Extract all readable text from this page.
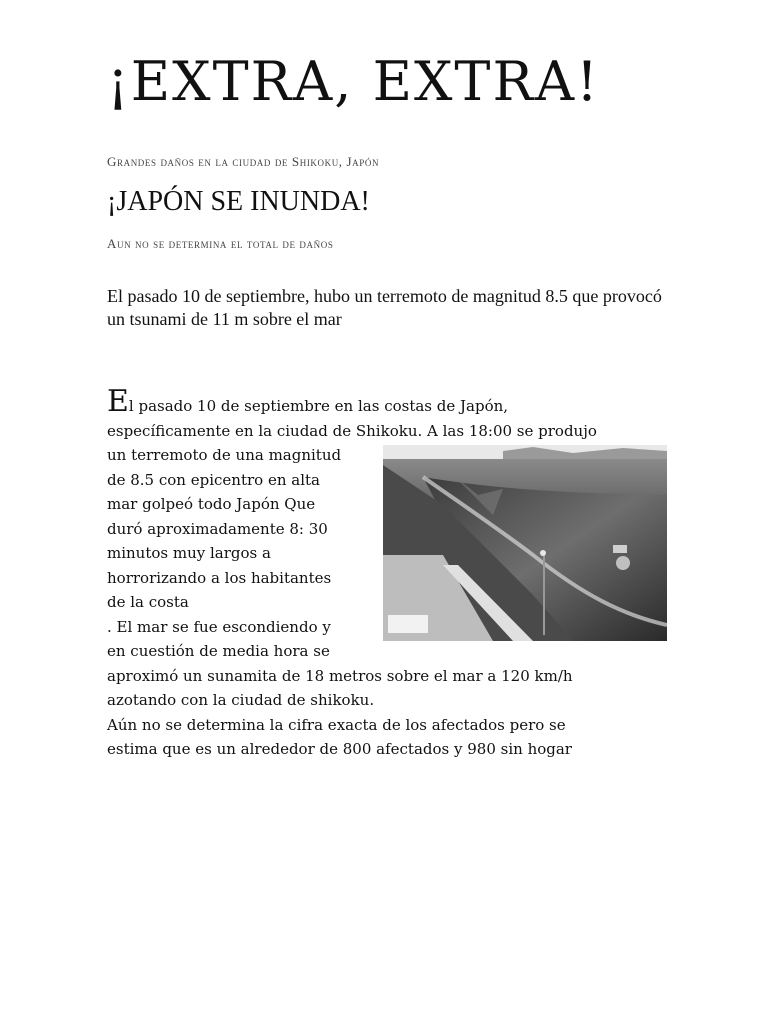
¡EXTRA, EXTRA!

Grandes daños en la ciudad de Shikoku, Japón

¡JAPÓN SE INUNDA!

Aun no se determina el total de daños

El pasado 10 de septiembre, hubo un terremoto de magnitud 8.5 que provocó un tsunami de 11 m sobre el mar

El pasado 10 de septiembre en las costas de Japón,

específicamente en la ciudad de Shikoku. A las 18:00 se produjo

un terremoto de una magnitud

de 8.5 con epicentro en alta

mar golpeó todo Japón Que

duró aproximadamente 8: 30

minutos muy largos a

horrorizando a los habitantes

de la costa

. El mar se fue escondiendo y

en cuestión de media hora se

aproximó un sunamita de 18 metros sobre el mar a 120 km/h

azotando con la ciudad de shikoku.

Aún no se determina la cifra exacta de los afectados pero se

estima que es un alrededor de 800 afectados y 980 sin hogar
